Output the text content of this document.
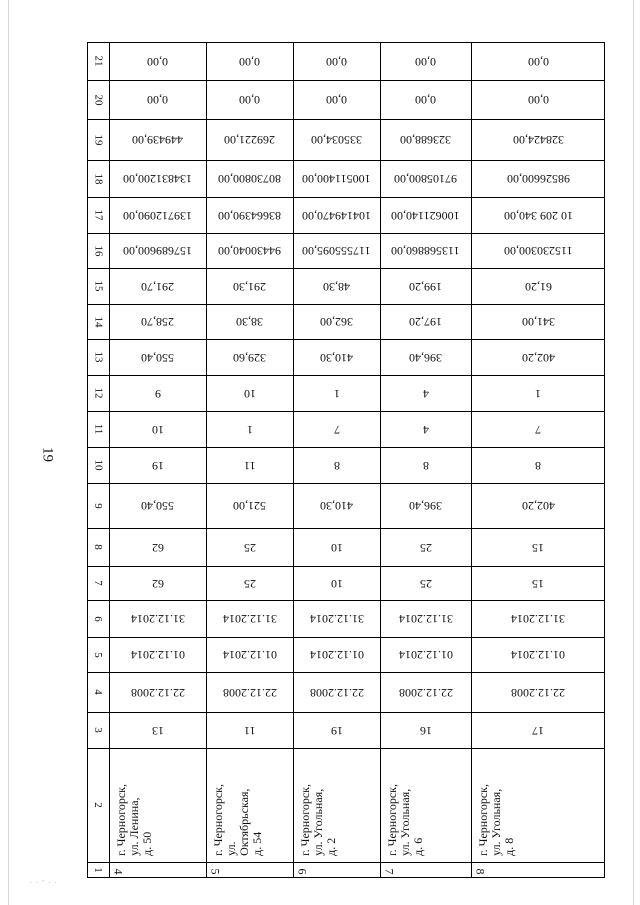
19
. . - . .
1
2
3
4
5
6
7
8
9
10
11
12
13
14
15
16
17
18
19
20
21
13
22.12.2008
01.12.2014
31.12.2014
62
62
550,40
19
10
9
550,40
258,70
291,70
157689600,00
139712090,00
134831200,00
449439,00
0,00
0,00
г. Черногорск,
ул. Ленина,
д. 50
4
11
22.12.2008
01.12.2014
31.12.2014
25
25
521,00
11
1
10
329,60
38,30
291,30
94430040,00
83664390,00
80730800,00
269221,00
0,00
0,00
г. Черногорск,
ул.
Октябрьская,
д. 54
5
19
22.12.2008
01.12.2014
31.12.2014
10
10
410,30
8
7
1
410,30
362,00
48,30
117555095,00
104149470,00
100511400,00
335034,00
0,00
0,00
г. Черногорск,
ул. Угольная,
д. 2
6
16
22.12.2008
01.12.2014
31.12.2014
25
25
396,40
8
4
4
396,40
197,20
199,20
113568860,00
100621140,00
97105800,00
323688,00
0,00
0,00
г. Черногорск,
ул. Угольная,
д. 6
7
17
22.12.2008
01.12.2014
31.12.2014
15
15
402,20
8
7
1
402,20
341,00
61,20
115230300,00
10 209 340,00
98526600,00
328424,00
0,00
0,00
г. Черногорск,
ул. Угольная,
д. 8
8
